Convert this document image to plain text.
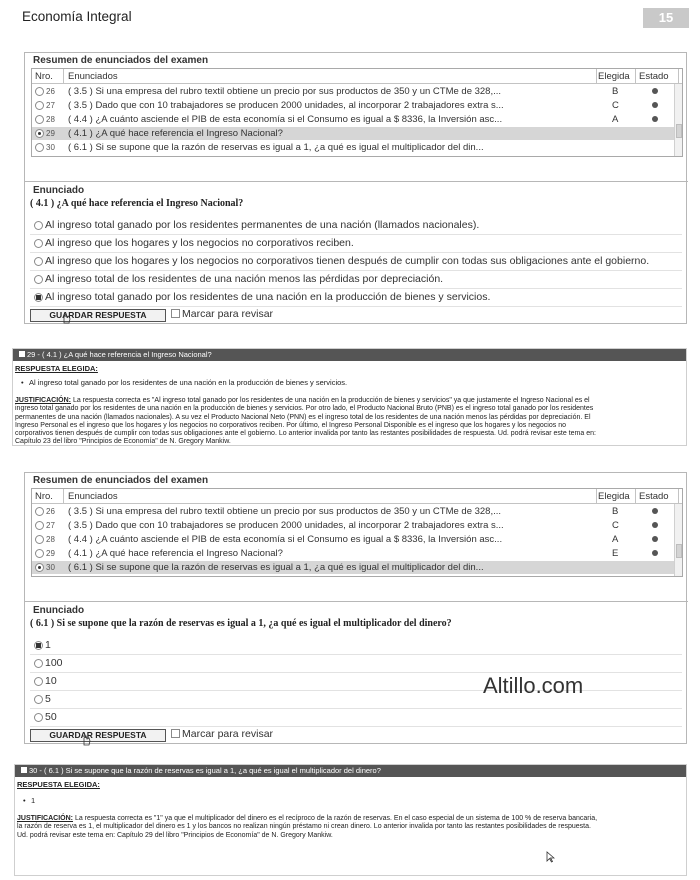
Economía Integral	15
Resumen de enunciados del examen
Nro. Enunciados	Elegida Estado
26 ( 3.5 ) Si una empresa del rubro textil obtiene un precio por sus productos de 350 y un CTMe de 328,...	B
27 ( 3.5 ) Dado que con 10 trabajadores se producen 2000 unidades, al incorporar 2 trabajadores extra s...	C
28 ( 4.4 ) ¿A cuánto asciende el PIB de esta economía si el Consumo es igual a $ 8336, la Inversión asc...	A
29 ( 4.1 ) ¿A qué hace referencia el Ingreso Nacional?
30 ( 6.1 ) Si se supone que la razón de reservas es igual a 1, ¿a qué es igual el multiplicador del din...
Enunciado
( 4.1 ) ¿A qué hace referencia el Ingreso Nacional?
Al ingreso total ganado por los residentes permanentes de una nación (llamados nacionales).
Al ingreso que los hogares y los negocios no corporativos reciben.
Al ingreso que los hogares y los negocios no corporativos tienen después de cumplir con todas sus obligaciones ante el gobierno.
Al ingreso total de los residentes de una nación menos las pérdidas por depreciación.
Al ingreso total ganado por los residentes de una nación en la producción de bienes y servicios.
GUARDAR RESPUESTA	Marcar para revisar
29 - ( 4.1 ) ¿A qué hace referencia el Ingreso Nacional?
RESPUESTA ELEGIDA:
• Al ingreso total ganado por los residentes de una nación en la producción de bienes y servicios.
JUSTIFICACIÓN: La respuesta correcta es "Al ingreso total ganado por los residentes de una nación en la producción de bienes y servicios" ya que justamente el Ingreso Nacional es el
ingreso total ganado por los residentes de una nación en la producción de bienes y servicios. Por otro lado, el Producto Nacional Bruto (PNB) es el ingreso total ganado por los residentes
permanentes de una nación (llamados nacionales). A su vez el Producto Nacional Neto (PNN) es el ingreso total de los residentes de una nación menos las pérdidas por depreciación. El
Ingreso Personal es el ingreso que los hogares y los negocios no corporativos reciben. Por último, el Ingreso Personal Disponible es el ingreso que los hogares y los negocios no
corporativos tienen después de cumplir con todas sus obligaciones ante el gobierno. Lo anterior invalida por tanto las restantes posibilidades de respuesta. Ud. podrá revisar este tema en:
Capítulo 23 del libro "Principios de Economía" de N. Gregory Mankiw.
Resumen de enunciados del examen
Nro. Enunciados	Elegida Estado
26 ( 3.5 ) Si una empresa del rubro textil obtiene un precio por sus productos de 350 y un CTMe de 328,...	B
27 ( 3.5 ) Dado que con 10 trabajadores se producen 2000 unidades, al incorporar 2 trabajadores extra s...	C
28 ( 4.4 ) ¿A cuánto asciende el PIB de esta economía si el Consumo es igual a $ 8336, la Inversión asc...	A
29 ( 4.1 ) ¿A qué hace referencia el Ingreso Nacional?	E
30 ( 6.1 ) Si se supone que la razón de reservas es igual a 1, ¿a qué es igual el multiplicador del din...
Enunciado
( 6.1 ) Si se supone que la razón de reservas es igual a 1, ¿a qué es igual el multiplicador del dinero?
1
100
10
5
50
GUARDAR RESPUESTA	Marcar para revisar
Altillo.com
30 - ( 6.1 ) Si se supone que la razón de reservas es igual a 1, ¿a qué es igual el multiplicador del dinero?
RESPUESTA ELEGIDA:
• 1
JUSTIFICACIÓN: La respuesta correcta es "1" ya que el multiplicador del dinero es el recíproco de la razón de reservas. En el caso especial de un sistema de 100 % de reserva bancaria,
la razón de reserva es 1, el multiplicador del dinero es 1 y los bancos no realizan ningún préstamo ni crean dinero. Lo anterior invalida por tanto las restantes posibilidades de respuesta.
Ud. podrá revisar este tema en: Capítulo 29 del libro "Principios de Economía" de N. Gregory Mankiw.
